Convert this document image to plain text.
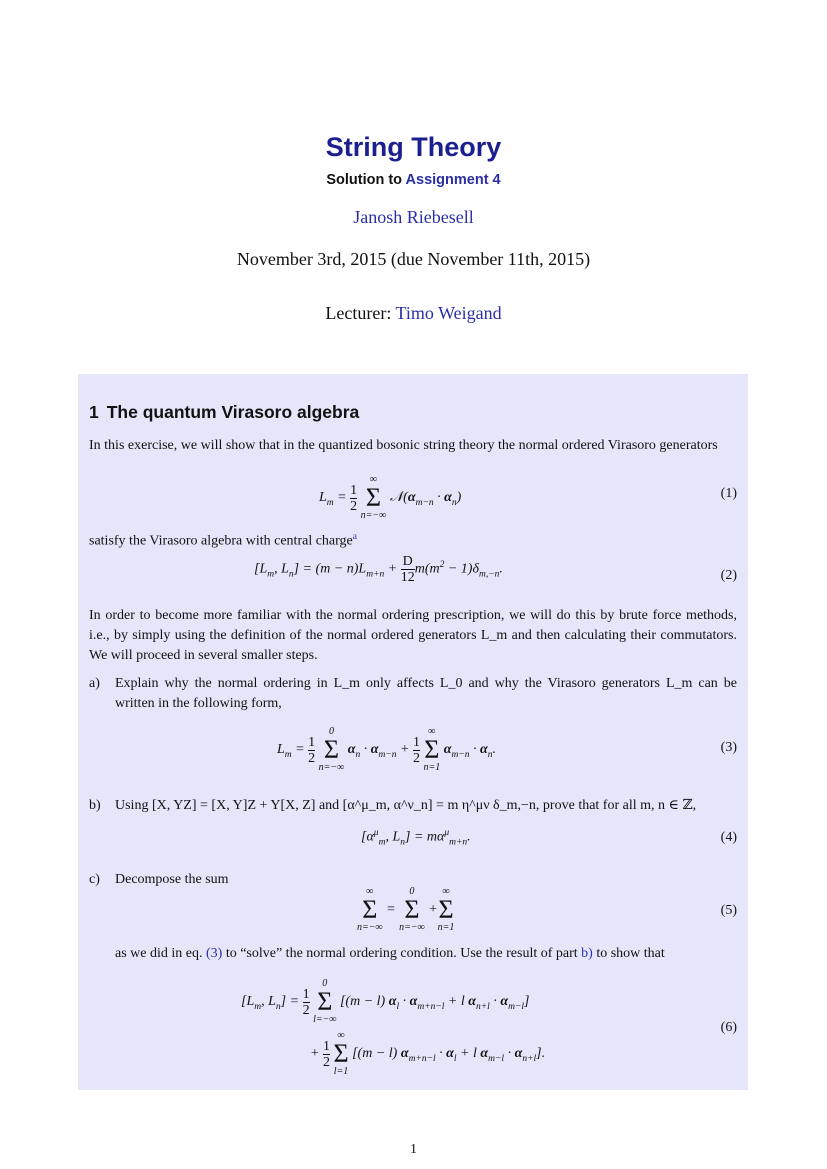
String Theory
Solution to Assignment 4
Janosh Riebesell
November 3rd, 2015 (due November 11th, 2015)
Lecturer: Timo Weigand
1 The quantum Virasoro algebra
In this exercise, we will show that in the quantized bosonic string theory the normal ordered Virasoro generators
$L_m = \frac{1}{2}$

∞
Σ
n=−∞
$𝒩(\alpha_{m-n} \cdot \alpha_n)$	(1)
satisfy the Virasoro algebra with central charge$^a$
[$L_m$, $L_n] = (m - n)L_{m+n} + \frac{D}{12} m(m^2 - 1)\delta_{m,-n}$.	(2)
In order to become more familiar with the normal ordering prescription, we will do this by brute force methods, i.e., by simply using the definition of the normal ordered generators L_m and then calculating their commutators. We will proceed in several smaller steps.
a) Explain why the normal ordering in L_m only affects L_0 and why the Virasoro generators L_m can be written in the following form,
$L_m = \frac{1}{2}$

0
Σ
n=−∞
$\alpha_n \cdot \alpha_{m-n} + \frac{1}{2}$

∞
Σ
n=1
$\alpha_{m-n} \cdot \alpha_n$.	(3)
b) Using [X, YZ] = [X, Y]Z + Y[X, Z] and [α^μ_m, α^ν_n] = m η^μν δ_m,−n, prove that for all m, n ∈ ℤ,
[$\alpha^\mu_m$, $L_n] = m\alpha^\mu_{m+n}$.	(4)
c) Decompose the sum
∞
Σ
n=−∞
=
0
Σ
n=−∞
+
∞
Σ
n=1
(5)
as we did in eq. (3) to “solve” the normal ordering condition. Use the result of part b) to show that
[$L_m$, $L_n] = \frac{1}{2}$

0
Σ
l=−∞
[(m − l) $\alpha_l \cdot \alpha_{m+n-l} + l$ $\alpha_{n+l} \cdot \alpha_{m-l}$]
+ $\frac{1}{2}$

∞
Σ
l=1
[(m − l) $\alpha_{m+n-l} \cdot \alpha_l + l$ $\alpha_{m-l} \cdot \alpha_{n+l}$].
(6)
1
